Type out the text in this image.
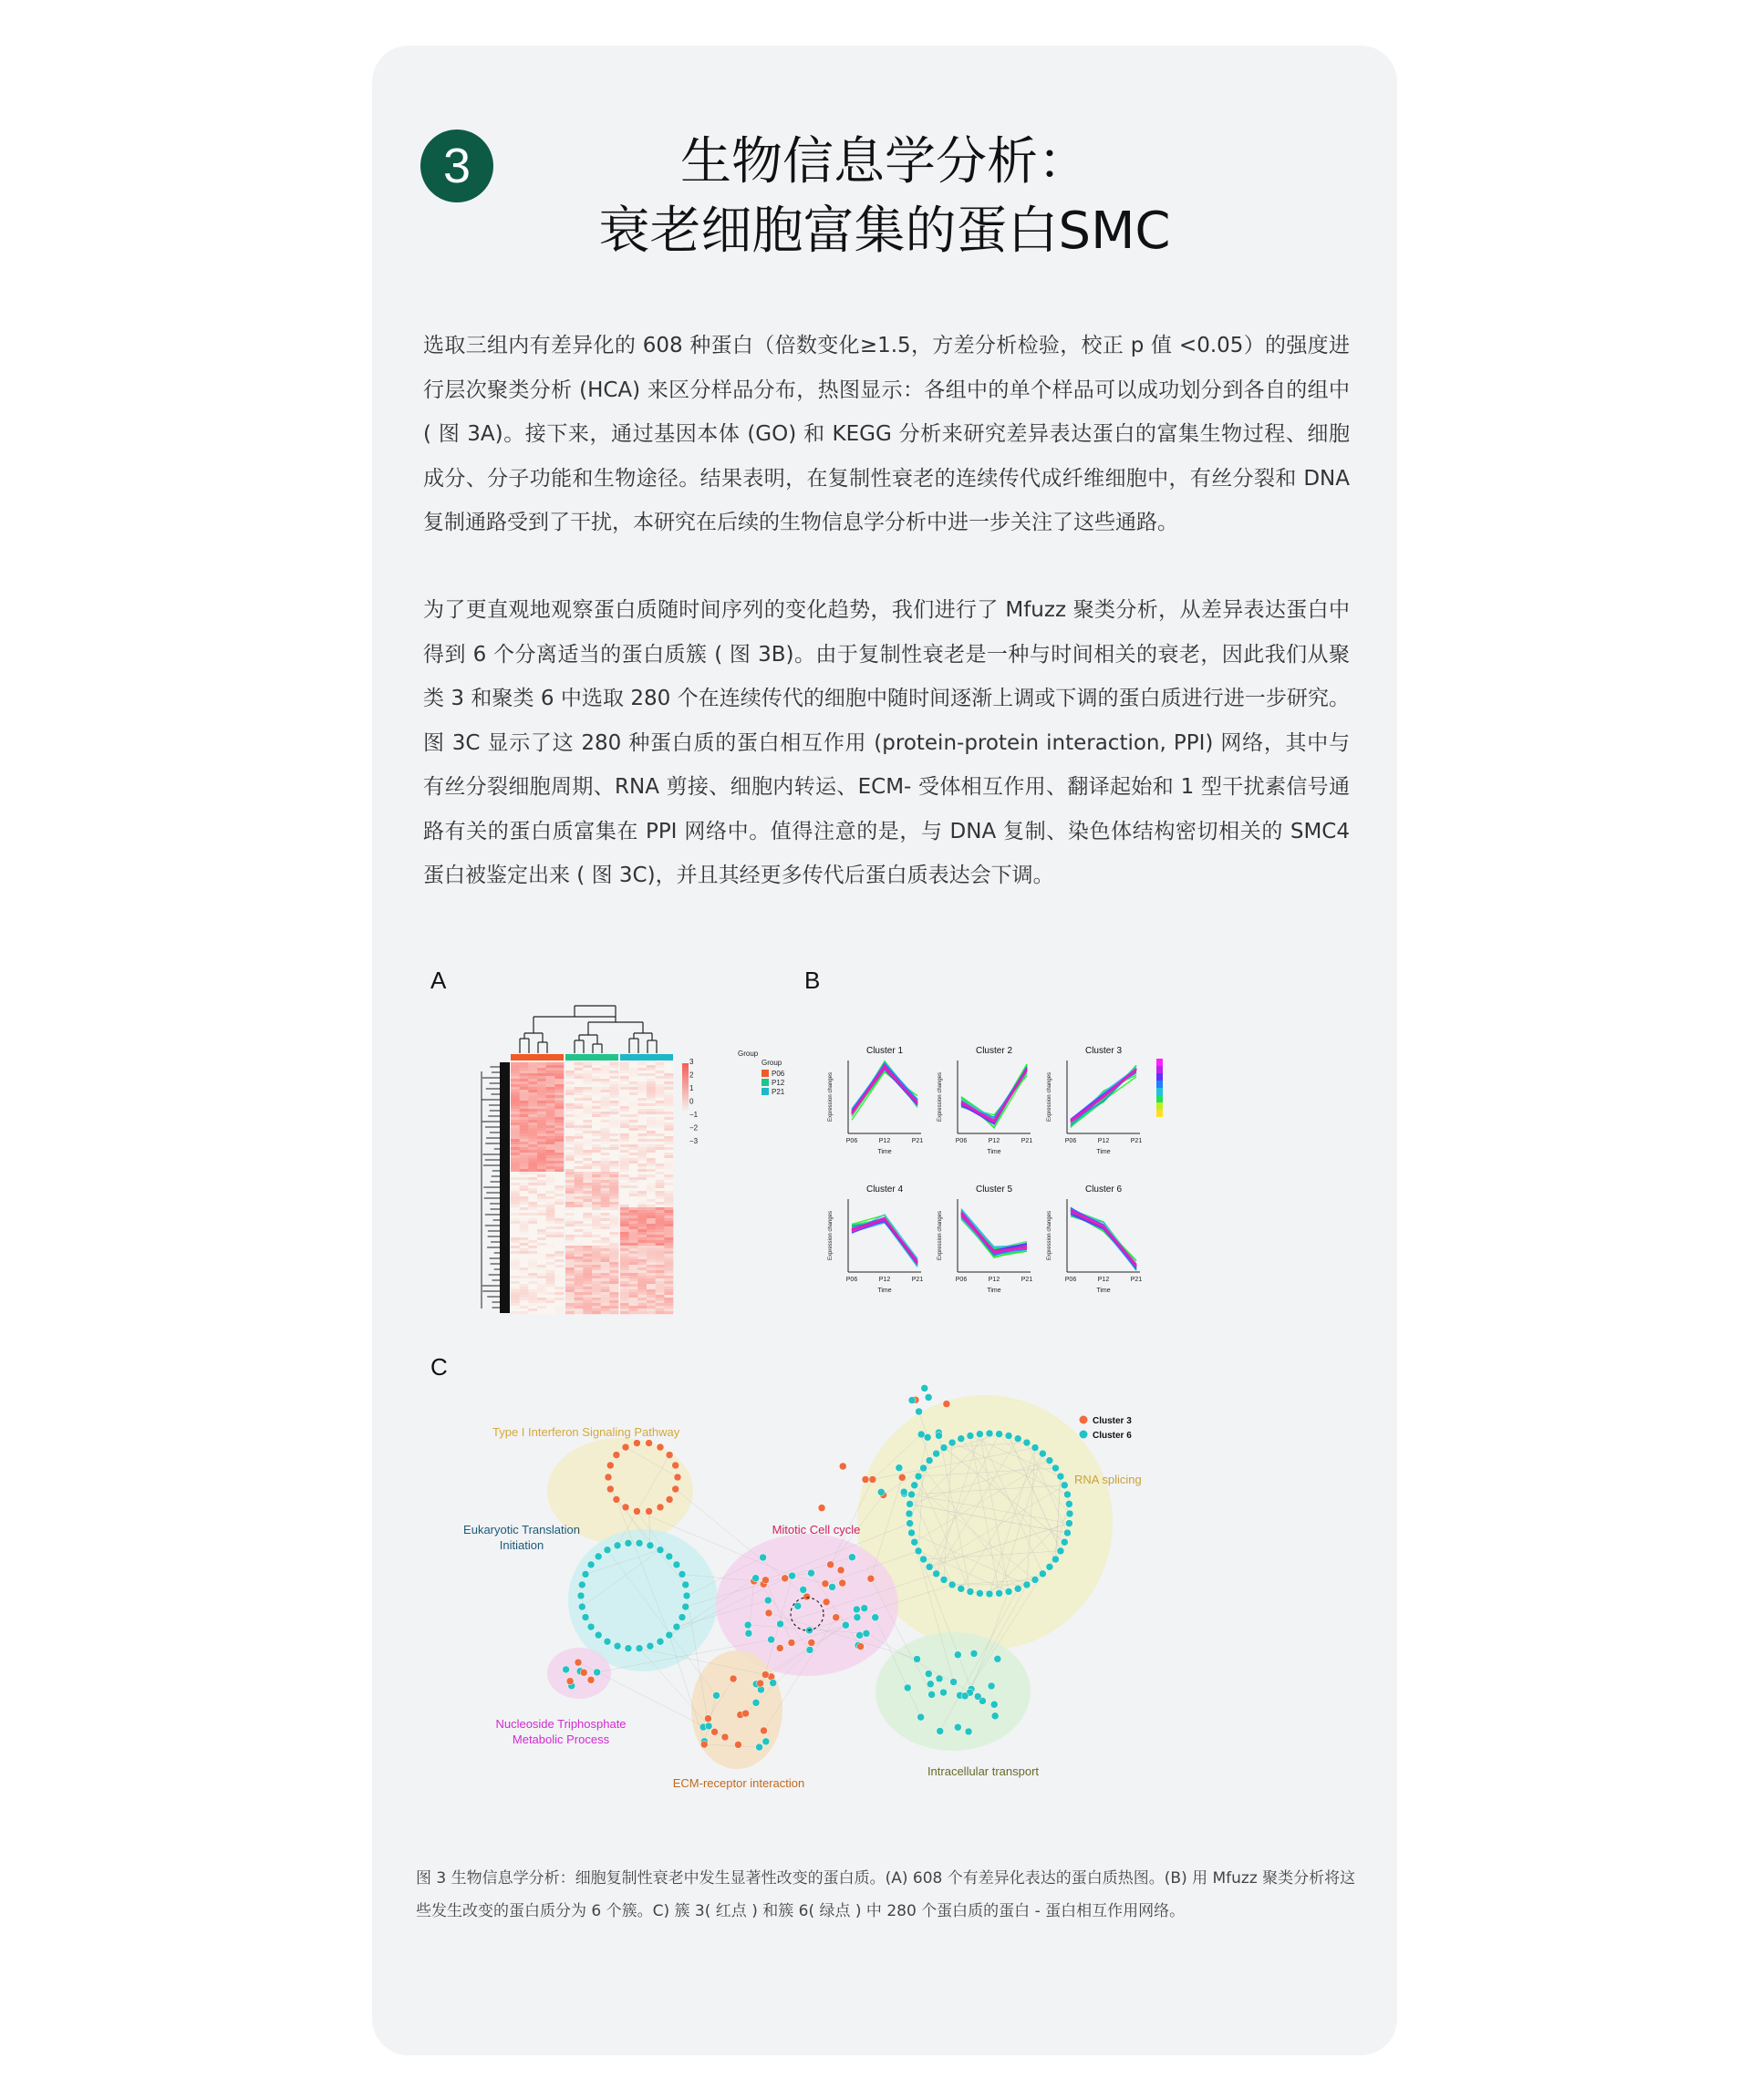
3	生物信息学分析：
衰老细胞富集的蛋白SMC

选取三组内有差异化的 608 种蛋白（倍数变化≥1.5，方差分析检验，校正 p 值 <0.05）的强度进行层次聚类分析 (HCA) 来区分样品分布，热图显示：各组中的单个样品可以成功划分到各自的组中 ( 图 3A)。接下来，通过基因本体 (GO) 和 KEGG 分析来研究差异表达蛋白的富集生物过程、细胞成分、分子功能和生物途径。结果表明，在复制性衰老的连续传代成纤维细胞中，有丝分裂和 DNA 复制通路受到了干扰，本研究在后续的生物信息学分析中进一步关注了这些通路。

为了更直观地观察蛋白质随时间序列的变化趋势，我们进行了 Mfuzz 聚类分析，从差异表达蛋白中得到 6 个分离适当的蛋白质簇 ( 图 3B)。由于复制性衰老是一种与时间相关的衰老，因此我们从聚类 3 和聚类 6 中选取 280 个在连续传代的细胞中随时间逐渐上调或下调的蛋白质进行进一步研究。图 3C 显示了这 280 种蛋白质的蛋白相互作用 (protein-protein interaction, PPI) 网络，其中与有丝分裂细胞周期、RNA 剪接、细胞内转运、ECM- 受体相互作用、翻译起始和 1 型干扰素信号通路有关的蛋白质富集在 PPI 网络中。值得注意的是，与 DNA 复制、染色体结构密切相关的 SMC4 蛋白被鉴定出来 ( 图 3C)，并且其经更多传代后蛋白质表达会下调。

A	B
C
3
2
1
0
−1
−2
−3
Group
Group
P06
P12
P21
Cluster 1
P06	P12	P21
Time
Expression changes
Cluster 2
P06	P12	P21
Time
Expression changes
Cluster 3
P06	P12	P21
Time
Expression changes
Cluster 4
P06	P12	P21
Time
Expression changes
Cluster 5
P06	P12	P21
Time
Expression changes
Cluster 6
P06	P12	P21
Time
Expression changes
Type I Interferon Signaling Pathway
RNA splicing
Eukaryotic Translation
Initiation
Mitotic Cell cycle
Nucleoside Triphosphate
Metabolic Process
ECM-receptor interaction
Intracellular transport
Cluster 3
Cluster 6

图 3 生物信息学分析：细胞复制性衰老中发生显著性改变的蛋白质。(A) 608 个有差异化表达的蛋白质热图。(B) 用 Mfuzz 聚类分析将这些发生改变的蛋白质分为 6 个簇。C) 簇 3( 红点 ) 和簇 6( 绿点 ) 中 280 个蛋白质的蛋白 - 蛋白相互作用网络。
